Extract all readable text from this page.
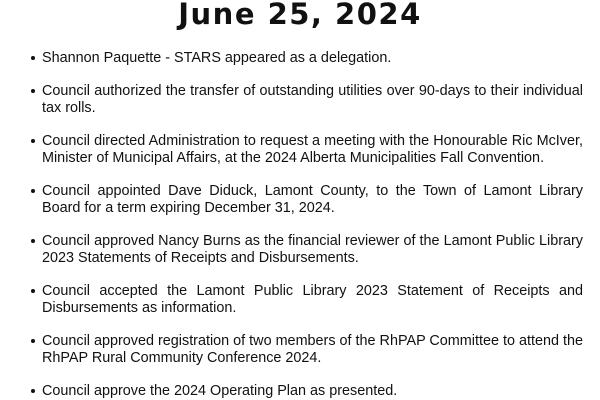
June 25, 2024
Shannon Paquette - STARS appeared as a delegation.
Council authorized the transfer of outstanding utilities over 90-days to their individual tax rolls.
Council directed Administration to request a meeting with the Honourable Ric McIver, Minister of Municipal Affairs, at the 2024 Alberta Municipalities Fall Convention.
Council appointed Dave Diduck, Lamont County, to the Town of Lamont Library Board for a term expiring December 31, 2024.
Council approved Nancy Burns as the financial reviewer of the Lamont Public Library 2023 Statements of Receipts and Disbursements.
Council accepted the Lamont Public Library 2023 Statement of Receipts and Disbursements as information.
Council approved registration of two members of the RhPAP Committee to attend the RhPAP Rural Community Conference 2024.
Council approve the 2024 Operating Plan as presented.
